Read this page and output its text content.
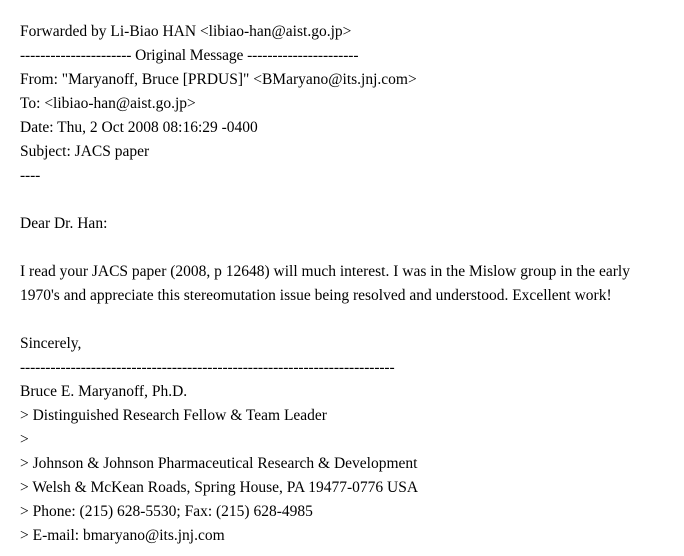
Forwarded by Li-Biao HAN <libiao-han@aist.go.jp>
---------------------- Original Message ----------------------
From: "Maryanoff, Bruce [PRDUS]" <BMaryano@its.jnj.com>
To: <libiao-han@aist.go.jp>
Date: Thu, 2 Oct 2008 08:16:29 -0400
Subject: JACS paper
----

Dear Dr. Han:

I read your JACS paper (2008, p 12648) will much interest. I was in the Mislow group in the early 1970's and appreciate this stereomutation issue being resolved and understood. Excellent work!

Sincerely,
--------------------------------------------------------------------------
Bruce E. Maryanoff, Ph.D.
> Distinguished Research Fellow & Team Leader
>
> Johnson & Johnson Pharmaceutical Research & Development
> Welsh & McKean Roads, Spring House, PA 19477-0776 USA
> Phone: (215) 628-5530; Fax: (215) 628-4985
> E-mail: bmaryano@its.jnj.com
